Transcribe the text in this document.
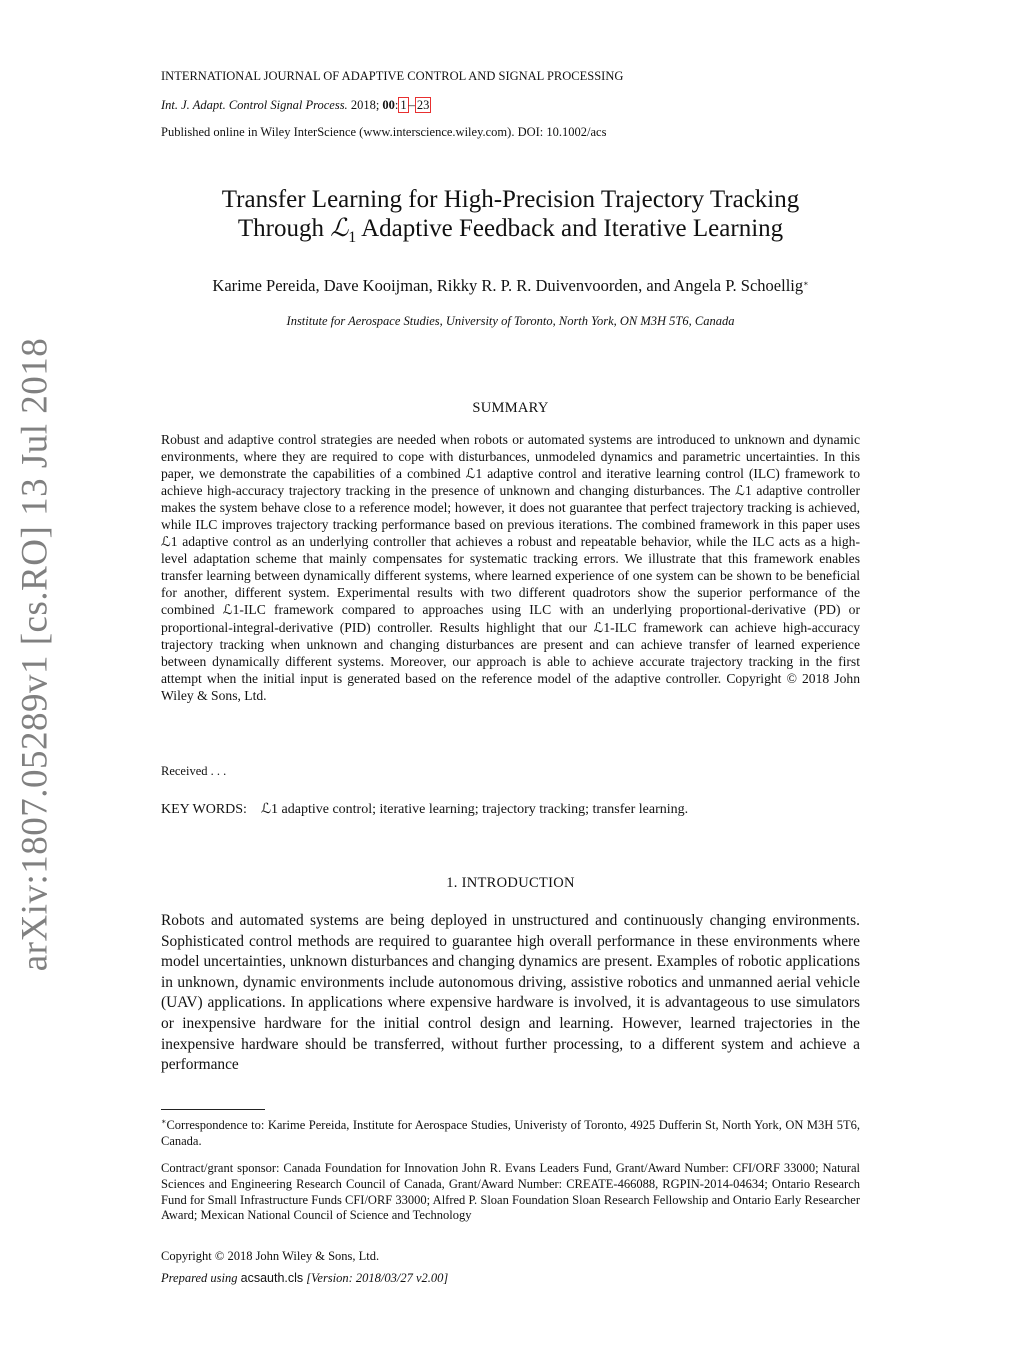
arXiv:1807.05289v1 [cs.RO] 13 Jul 2018
INTERNATIONAL JOURNAL OF ADAPTIVE CONTROL AND SIGNAL PROCESSING
Int. J. Adapt. Control Signal Process. 2018; 00: 1 – 23
Published online in Wiley InterScience (www.interscience.wiley.com). DOI: 10.1002/acs
Transfer Learning for High-Precision Trajectory Tracking
Through ℒ$_1$ Adaptive Feedback and Iterative Learning
Karime Pereida, Dave Kooijman, Rikky R. P. R. Duivenvoorden, and Angela P. Schoellig∗
Institute for Aerospace Studies, University of Toronto, North York, ON M3H 5T6, Canada
SUMMARY

Robust and adaptive control strategies are needed when robots or automated systems are introduced to unknown and dynamic environments, where they are required to cope with disturbances, unmodeled dynamics and parametric uncertainties. In this paper, we demonstrate the capabilities of a combined ℒ1 adaptive control and iterative learning control (ILC) framework to achieve high-accuracy trajectory tracking in the presence of unknown and changing disturbances. The ℒ1 adaptive controller makes the system behave close to a reference model; however, it does not guarantee that perfect trajectory tracking is achieved, while ILC improves trajectory tracking performance based on previous iterations. The combined framework in this paper uses ℒ1 adaptive control as an underlying controller that achieves a robust and repeatable behavior, while the ILC acts as a high-level adaptation scheme that mainly compensates for systematic tracking errors. We illustrate that this framework enables transfer learning between dynamically different systems, where learned experience of one system can be shown to be beneficial for another, different system. Experimental results with two different quadrotors show the superior performance of the combined ℒ1-ILC framework compared to approaches using ILC with an underlying proportional-derivative (PD) or proportional-integral-derivative (PID) controller. Results highlight that our ℒ1-ILC framework can achieve high-accuracy trajectory tracking when unknown and changing disturbances are present and can achieve transfer of learned experience between dynamically different systems. Moreover, our approach is able to achieve accurate trajectory tracking in the first attempt when the initial input is generated based on the reference model of the adaptive controller. Copyright © 2018 John Wiley & Sons, Ltd.

Received . . .
KEY WORDS: ℒ1 adaptive control; iterative learning; trajectory tracking; transfer learning.
1. INTRODUCTION

Robots and automated systems are being deployed in unstructured and continuously changing environments. Sophisticated control methods are required to guarantee high overall performance in these environments where model uncertainties, unknown disturbances and changing dynamics are present. Examples of robotic applications in unknown, dynamic environments include autonomous driving, assistive robotics and unmanned aerial vehicle (UAV) applications. In applications where expensive hardware is involved, it is advantageous to use simulators or inexpensive hardware for the initial control design and learning. However, learned trajectories in the inexpensive hardware should be transferred, without further processing, to a different system and achieve a performance

∗Correspondence to: Karime Pereida, Institute for Aerospace Studies, Univeristy of Toronto, 4925 Dufferin St, North York, ON M3H 5T6, Canada.

Contract/grant sponsor: Canada Foundation for Innovation John R. Evans Leaders Fund, Grant/Award Number: CFI/ORF 33000; Natural Sciences and Engineering Research Council of Canada, Grant/Award Number: CREATE-466088, RGPIN-2014-04634; Ontario Research Fund for Small Infrastructure Funds CFI/ORF 33000; Alfred P. Sloan Foundation Sloan Research Fellowship and Ontario Early Researcher Award; Mexican National Council of Science and Technology

Copyright © 2018 John Wiley & Sons, Ltd.
Prepared using acsauth.cls [Version: 2018/03/27 v2.00]
